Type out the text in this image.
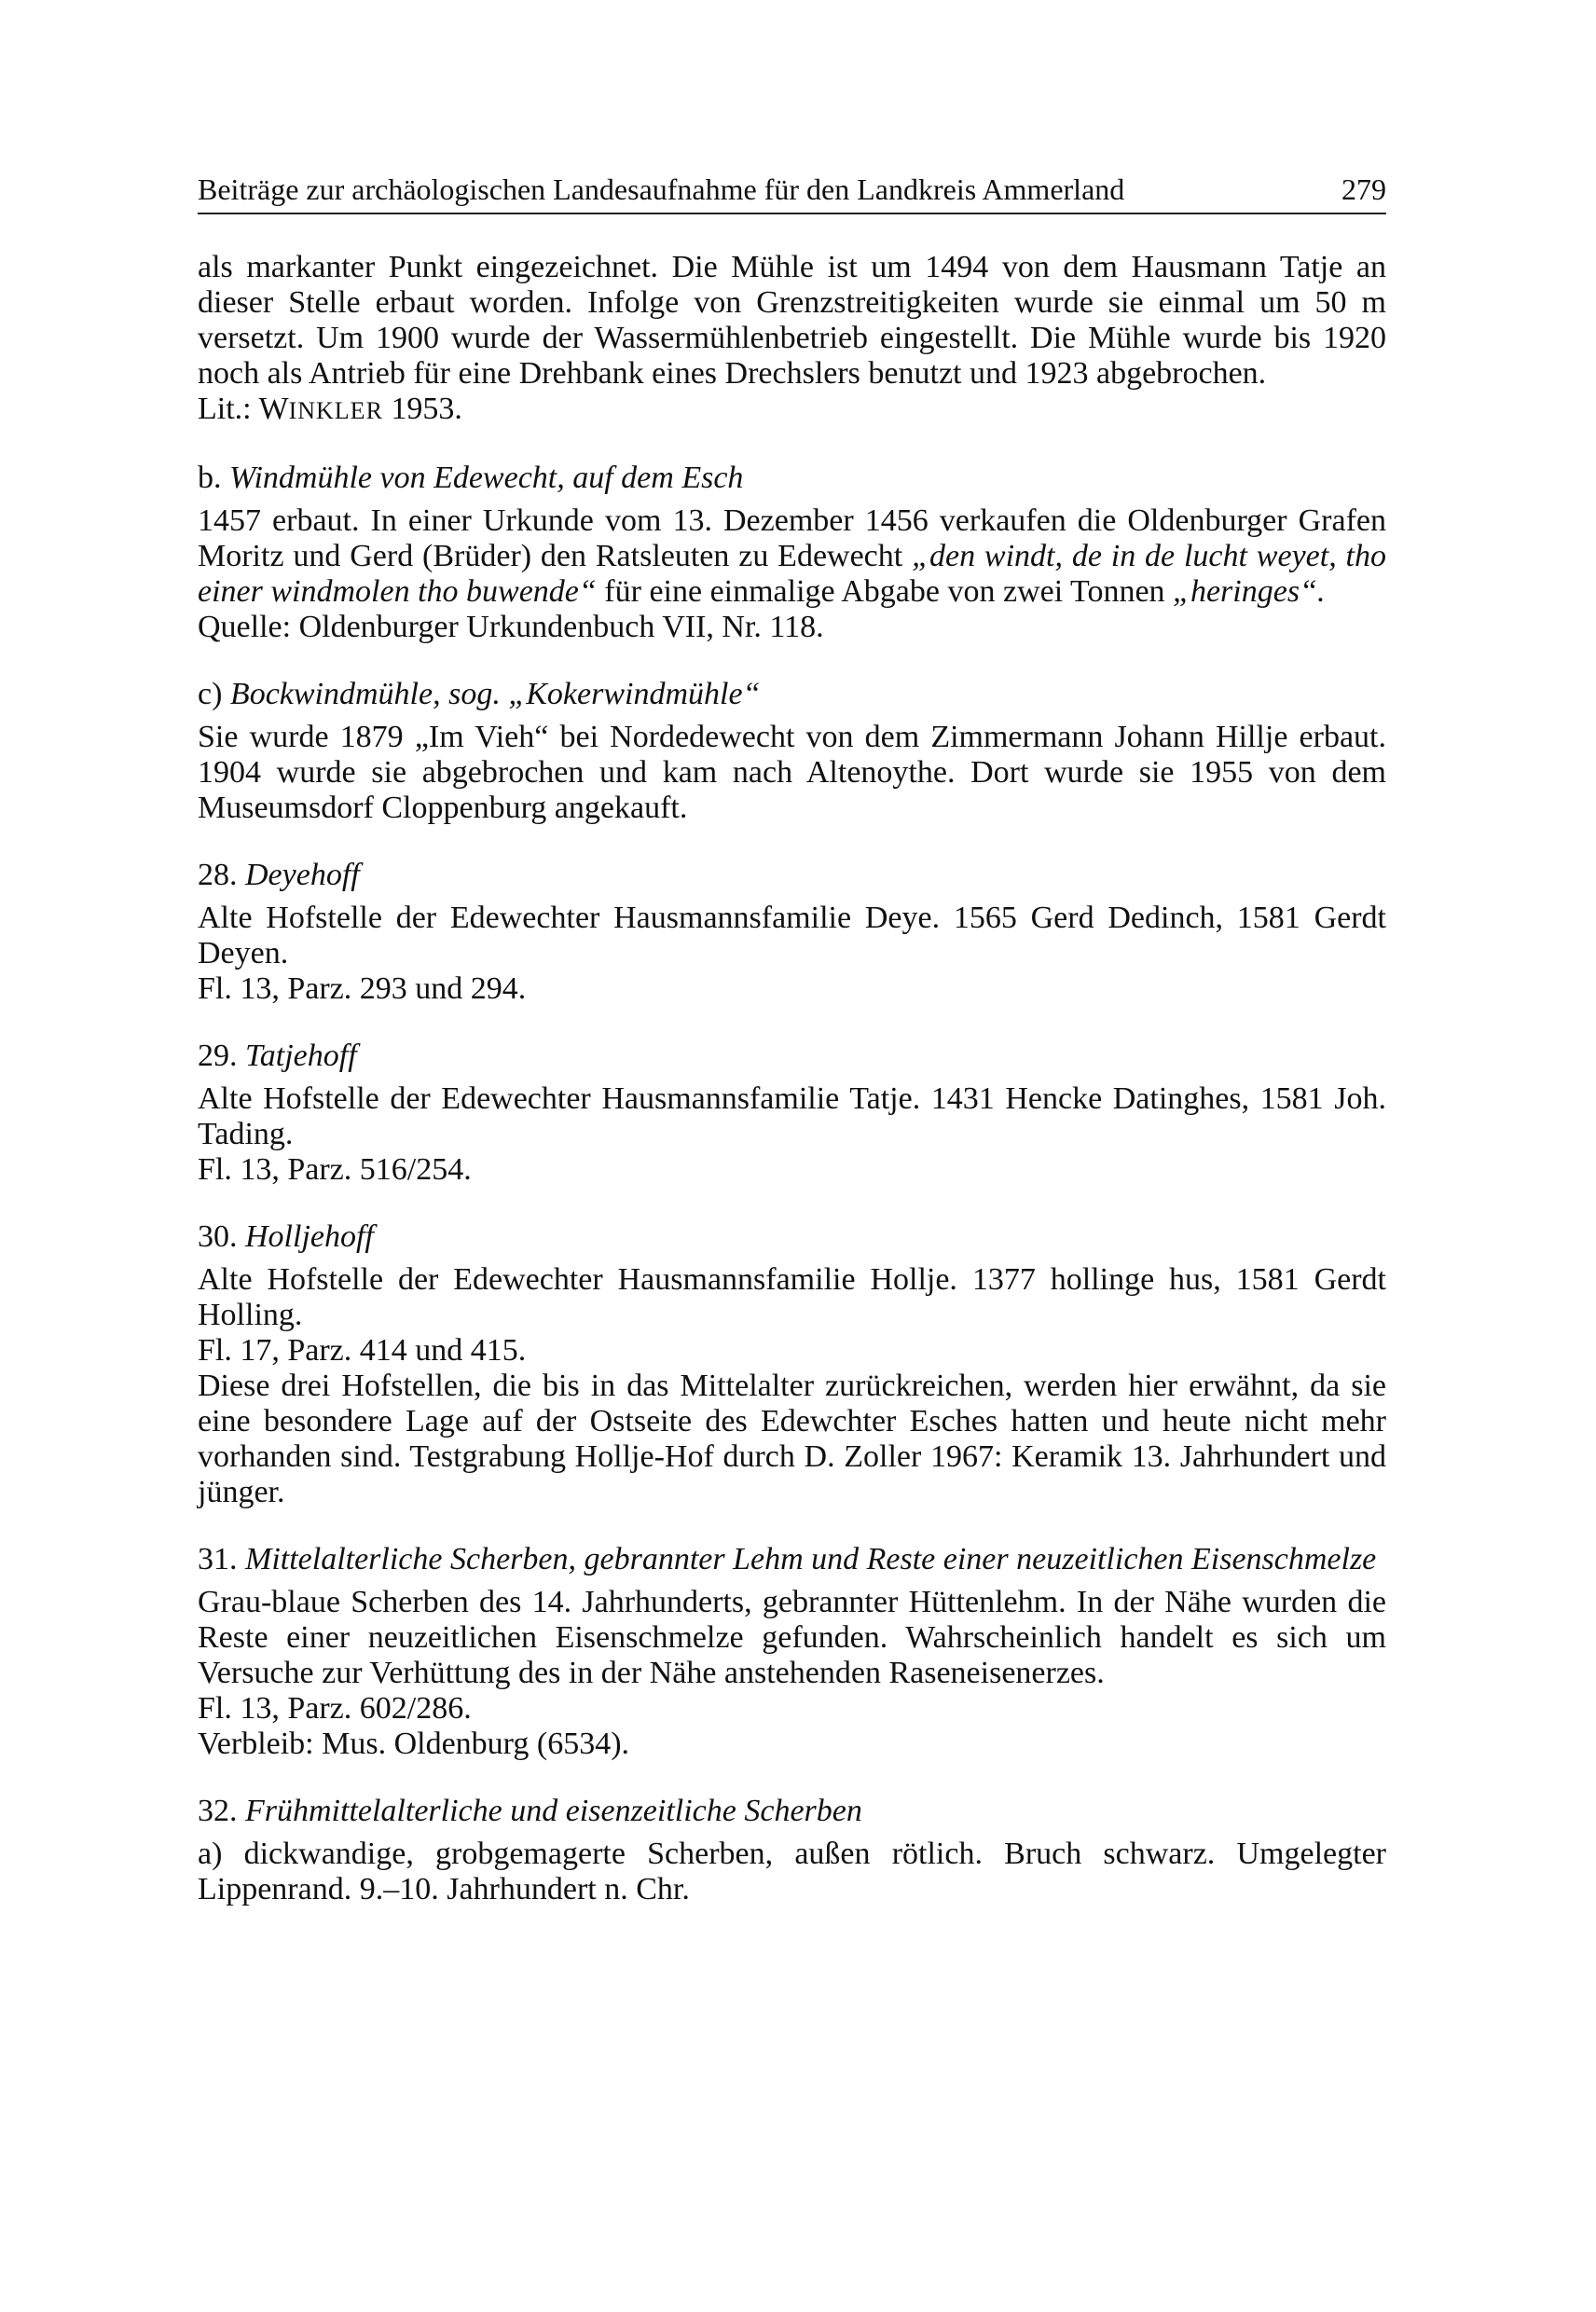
Beiträge zur archäologischen Landesaufnahme für den Landkreis Ammerland	279

als markanter Punkt eingezeichnet. Die Mühle ist um 1494 von dem Hausmann Tatje an dieser Stelle erbaut worden. Infolge von Grenzstreitigkeiten wurde sie einmal um 50 m versetzt. Um 1900 wurde der Wassermühlenbetrieb eingestellt. Die Mühle wurde bis 1920 noch als Antrieb für eine Drehbank eines Drechslers benutzt und 1923 abgebrochen.

Lit.: WINKLER 1953.

b. Windmühle von Edewecht, auf dem Esch

1457 erbaut. In einer Urkunde vom 13. Dezember 1456 verkaufen die Oldenburger Grafen Moritz und Gerd (Brüder) den Ratsleuten zu Edewecht „den windt, de in de lucht weyet, tho einer windmolen tho buwende“ für eine einmalige Abgabe von zwei Tonnen „heringes“.

Quelle: Oldenburger Urkundenbuch VII, Nr. 118.

c) Bockwindmühle, sog. „Kokerwindmühle“

Sie wurde 1879 „Im Vieh“ bei Nordedewecht von dem Zimmermann Johann Hillje erbaut. 1904 wurde sie abgebrochen und kam nach Altenoythe. Dort wurde sie 1955 von dem Museumsdorf Cloppenburg angekauft.

28. Deyehoff

Alte Hofstelle der Edewechter Hausmannsfamilie Deye. 1565 Gerd Dedinch, 1581 Gerdt Deyen.

Fl. 13, Parz. 293 und 294.

29. Tatjehoff

Alte Hofstelle der Edewechter Hausmannsfamilie Tatje. 1431 Hencke Datinghes, 1581 Joh. Tading.

Fl. 13, Parz. 516/254.

30. Holljehoff

Alte Hofstelle der Edewechter Hausmannsfamilie Hollje. 1377 hollinge hus, 1581 Gerdt Holling.

Fl. 17, Parz. 414 und 415.

Diese drei Hofstellen, die bis in das Mittelalter zurückreichen, werden hier erwähnt, da sie eine besondere Lage auf der Ostseite des Edewchter Esches hatten und heute nicht mehr vorhanden sind. Testgrabung Hollje-Hof durch D. Zoller 1967: Keramik 13. Jahrhundert und jünger.

31. Mittelalterliche Scherben, gebrannter Lehm und Reste einer neuzeitlichen Eisenschmelze

Grau-blaue Scherben des 14. Jahrhunderts, gebrannter Hüttenlehm. In der Nähe wurden die Reste einer neuzeitlichen Eisenschmelze gefunden. Wahrscheinlich handelt es sich um Versuche zur Verhüttung des in der Nähe anstehenden Raseneisenerzes.

Fl. 13, Parz. 602/286.

Verbleib: Mus. Oldenburg (6534).

32. Frühmittelalterliche und eisenzeitliche Scherben

a) dickwandige, grobgemagerte Scherben, außen rötlich. Bruch schwarz. Umgelegter Lippenrand. 9.–10. Jahrhundert n. Chr.
